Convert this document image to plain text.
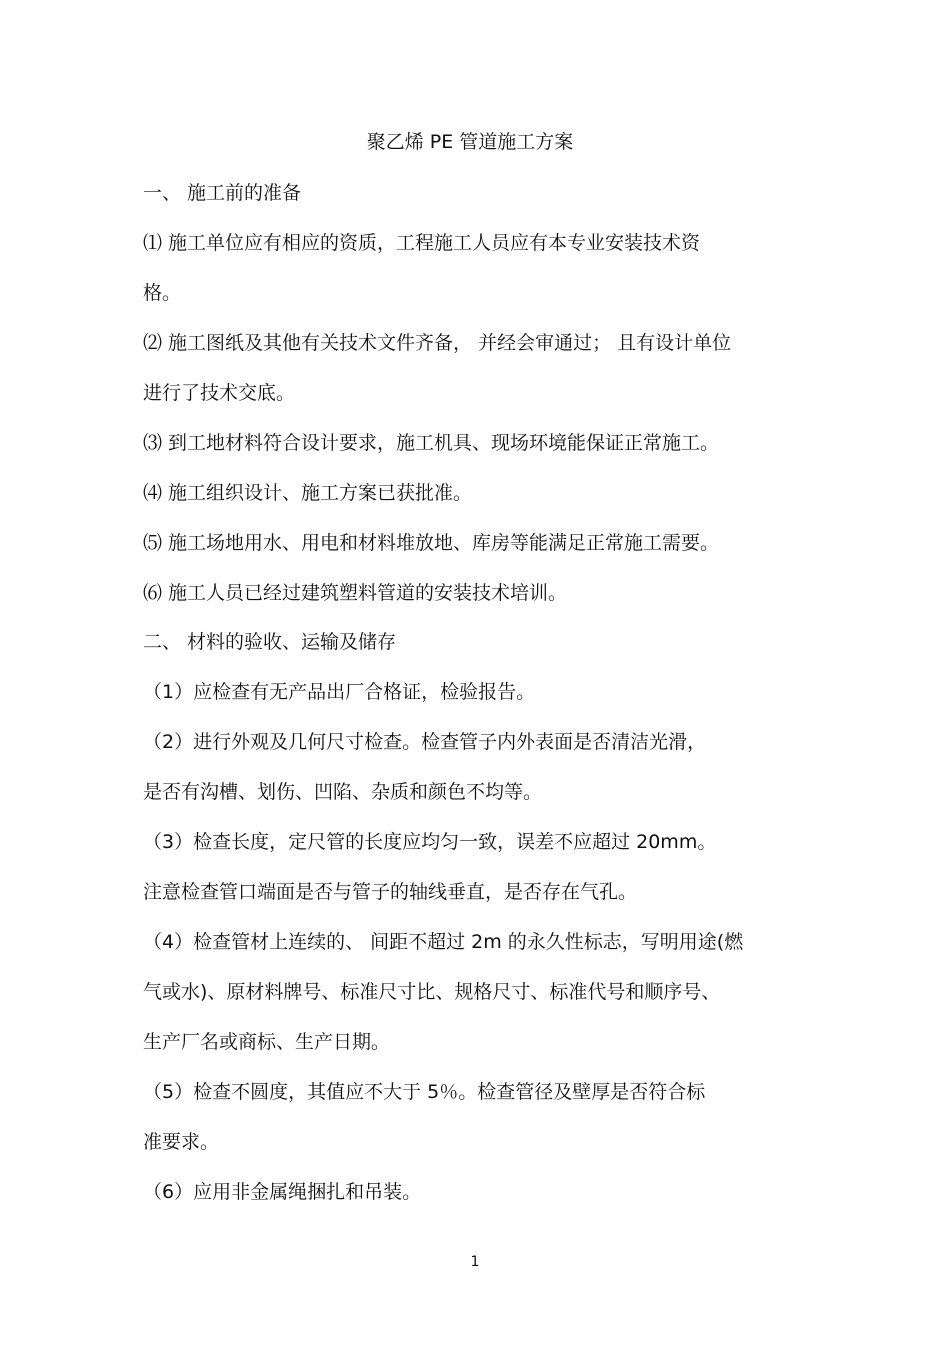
聚乙烯 PE 管道施工方案
一、 施工前的准备
⑴ 施工单位应有相应的资质，工程施工人员应有本专业安装技术资
格。
⑵ 施工图纸及其他有关技术文件齐备， 并经会审通过； 且有设计单位
进行了技术交底。
⑶ 到工地材料符合设计要求，施工机具、现场环境能保证正常施工。
⑷ 施工组织设计、施工方案已获批准。
⑸ 施工场地用水、用电和材料堆放地、库房等能满足正常施工需要。
⑹ 施工人员已经过建筑塑料管道的安装技术培训。
二、 材料的验收、运输及储存
（1）应检查有无产品出厂合格证，检验报告。
（2）进行外观及几何尺寸检查。检查管子内外表面是否清洁光滑，
是否有沟槽、划伤、凹陷、杂质和颜色不均等。
（3）检查长度，定尺管的长度应均匀一致，误差不应超过 20mm。
注意检查管口端面是否与管子的轴线垂直，是否存在气孔。
（4）检查管材上连续的、 间距不超过 2m 的永久性标志，写明用途(燃
气或水)、原材料牌号、标准尺寸比、规格尺寸、标准代号和顺序号、
生产厂名或商标、生产日期。
（5）检查不圆度，其值应不大于 5％。检查管径及壁厚是否符合标
准要求。
（6）应用非金属绳捆扎和吊装。
1
